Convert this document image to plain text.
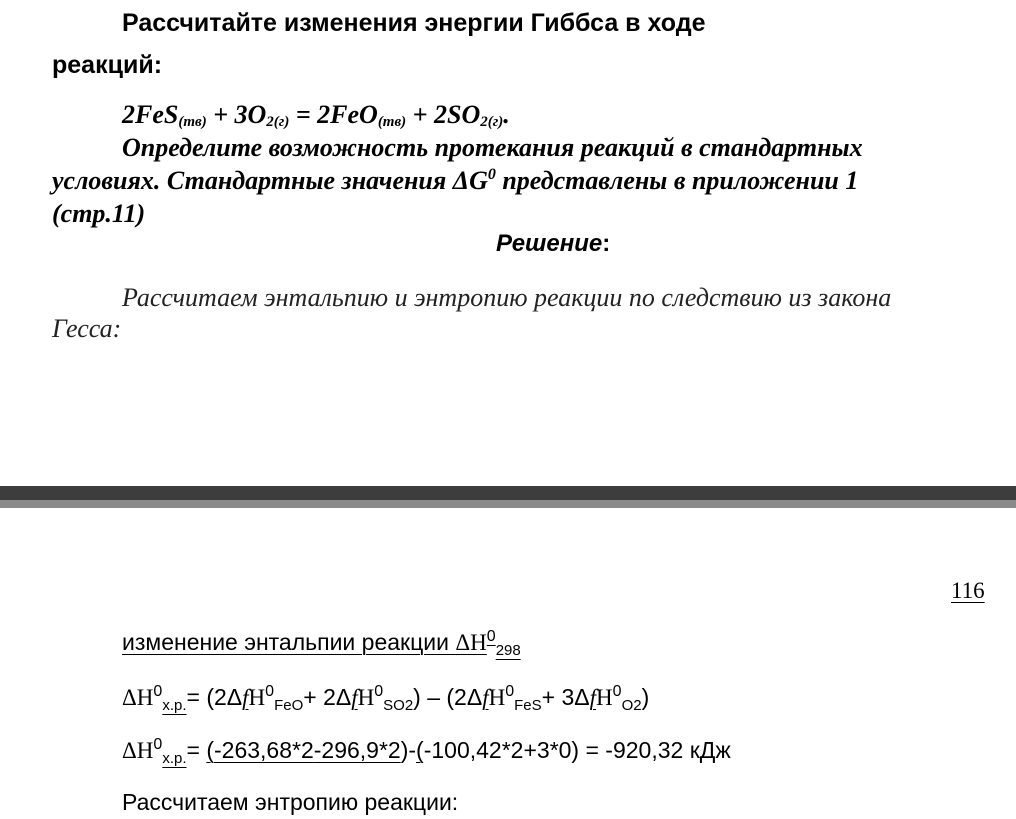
Рассчитайте изменения энергии Гиббса в ходе
реакций:
$2FeS_{(тв)} + 3O_{2(г)} = 2FeO_{(тв)} + 2SO_{2(г)}$.
Определите возможность протекания реакций в стандартных
условиях. Стандартные значения $\Delta G^0$ представлены в приложении 1
(стр.11)
Решение:
Рассчитаем энтальпию и энтропию реакции по следствию из закона
Гесса:
116
изменение энтальпии реакции $\Delta H^0_{298}$
$\Delta H^0_{х.р.}= (2\Delta fH^0_{FeO}+ 2\Delta fH^0_{SO2}) - (2\Delta fH^0_{FeS}+ 3\Delta fH^0_{O2})$
$\Delta H^0_{х.р.}= (-263,68*2-296,9*2)-(-100,42*2+3*0) = -920,32$ кДж
Рассчитаем энтропию реакции:
